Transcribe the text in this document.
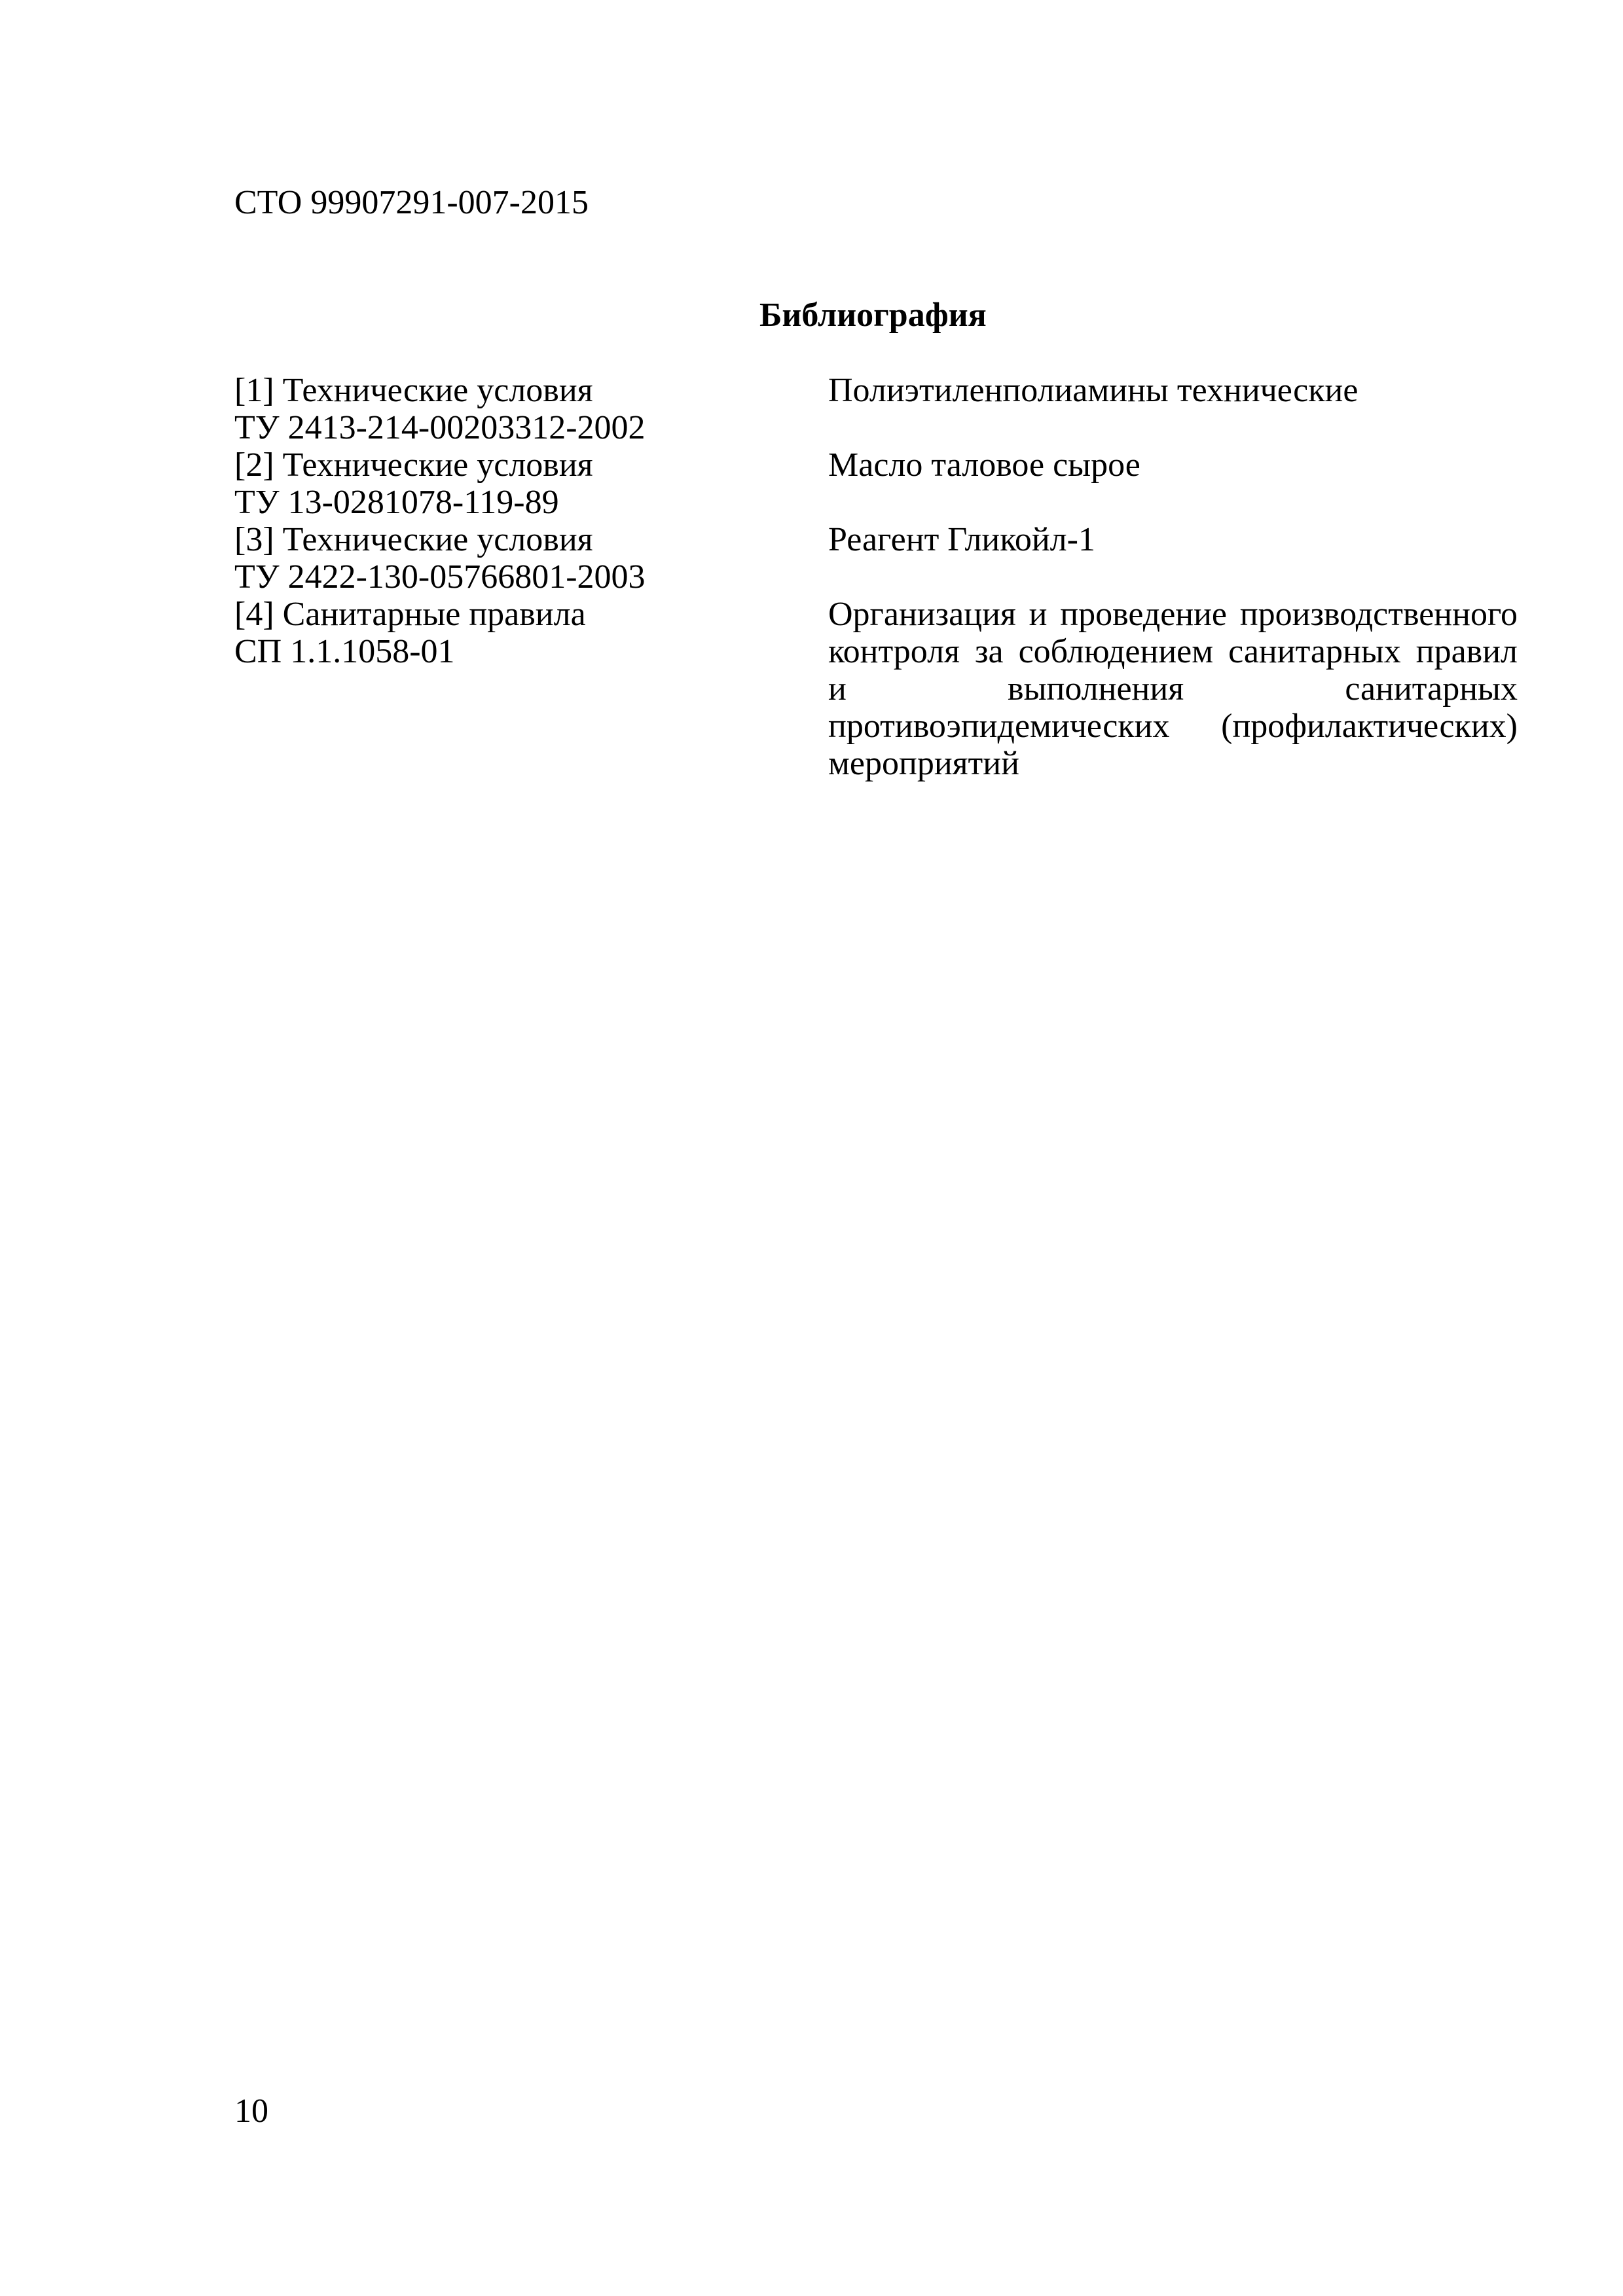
СТО 99907291-007-2015
Библиография
[1] Технические условия
ТУ 2413-214-00203312-2002
Полиэтиленполиамины технические
[2] Технические условия
ТУ 13-0281078-119-89
Масло таловое сырое
[3] Технические условия
ТУ 2422-130-05766801-2003
Реагент Гликойл-1
[4] Санитарные правила
СП 1.1.1058-01
Организация и проведение производственного контроля за соблюдением санитарных правил и выполнения санитарных противоэпидемических (профилактических) мероприятий
10
